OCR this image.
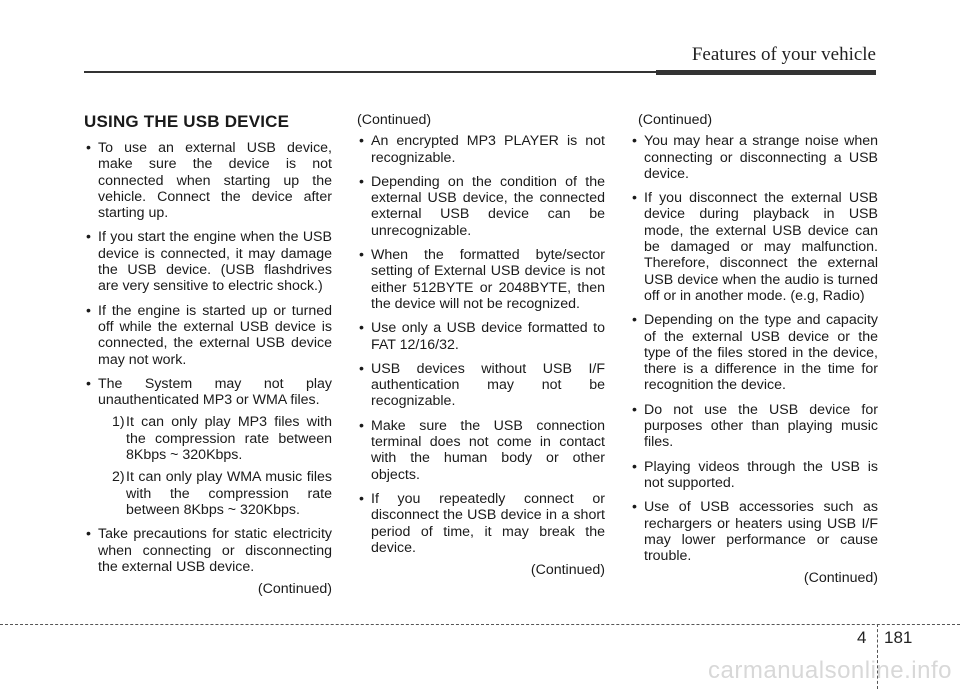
Features of your vehicle
USING THE USB DEVICE
• To use an external USB device, make sure the device is not connected when starting up the vehicle. Connect the device after starting up.
• If you start the engine when the USB device is connected, it may damage the USB device. (USB flashdrives are very sensitive to electric shock.)
• If the engine is started up or turned off while the external USB device is connected, the external USB device may not work.
• The System may not play unauthenticated MP3 or WMA files.
1) It can only play MP3 files with the compression rate between 8Kbps ~ 320Kbps.
2) It can only play WMA music files with the compression rate between 8Kbps ~ 320Kbps.
• Take precautions for static electricity when connecting or disconnecting the external USB device.
(Continued)
(Continued)
• An encrypted MP3 PLAYER is not recognizable.
• Depending on the condition of the external USB device, the connected external USB device can be unrecognizable.
• When the formatted byte/sector setting of External USB device is not either 512BYTE or 2048BYTE, then the device will not be recognized.
• Use only a USB device formatted to FAT 12/16/32.
• USB devices without USB I/F authentication may not be recognizable.
• Make sure the USB connection terminal does not come in contact with the human body or other objects.
• If you repeatedly connect or disconnect the USB device in a short period of time, it may break the device.
(Continued)
(Continued)
• You may hear a strange noise when connecting or disconnecting a USB device.
• If you disconnect the external USB device during playback in USB mode, the external USB device can be damaged or may malfunction. Therefore, disconnect the external USB device when the audio is turned off or in another mode. (e.g, Radio)
• Depending on the type and capacity of the external USB device or the type of the files stored in the device, there is a difference in the time for recognition the device.
• Do not use the USB device for purposes other than playing music files.
• Playing videos through the USB is not supported.
• Use of USB accessories such as rechargers or heaters using USB I/F may lower performance or cause trouble.
(Continued)
4 181
carmanualsonline.info
